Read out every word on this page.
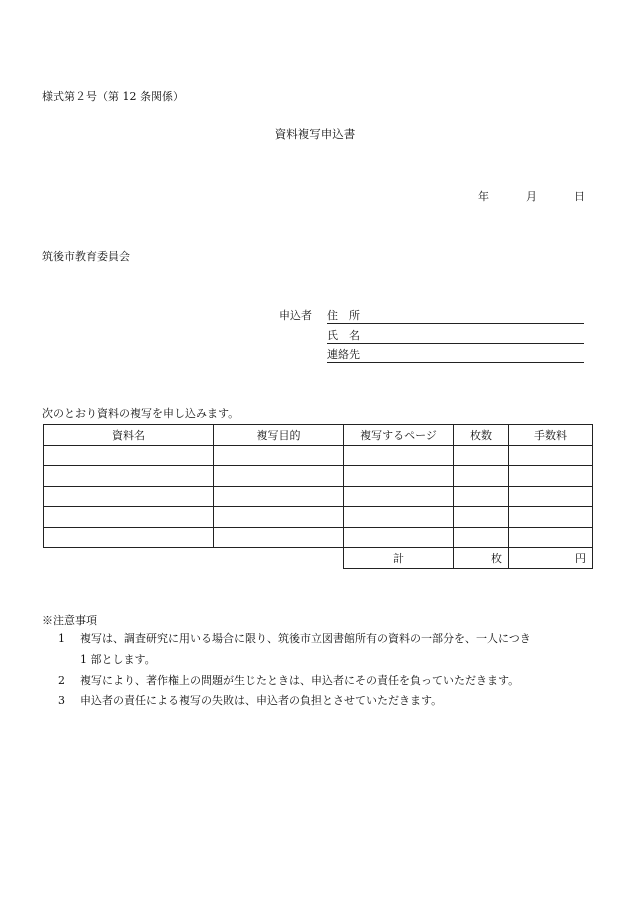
様式第２号（第 12 条関係）
資料複写申込書
年	月	日
筑後市教育委員会
申込者 住　所
氏　名
連絡先
次のとおり資料の複写を申し込みます。
資料名	複写目的	複写するページ	枚数	手数料

		計	枚	円
※注意事項
1 複写は、調査研究に用いる場合に限り、筑後市立図書館所有の資料の一部分を、一人につき
1 部とします。
2 複写により、著作権上の問題が生じたときは、申込者にその責任を負っていただきます。
3 申込者の責任による複写の失敗は、申込者の負担とさせていただきます。
